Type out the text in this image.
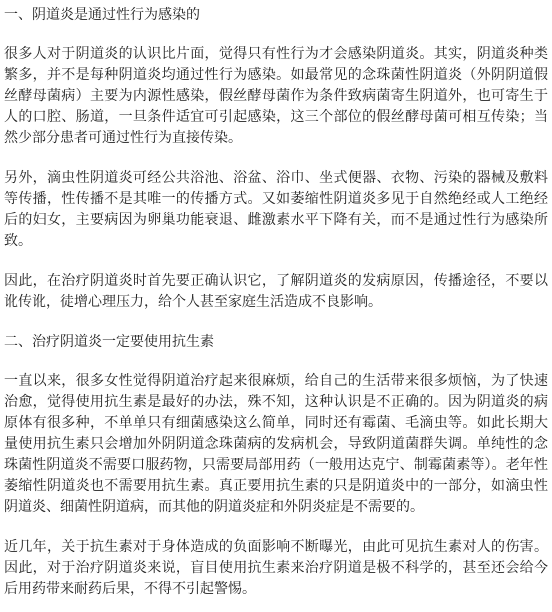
一、阴道炎是通过性行为感染的

很多人对于阴道炎的认识比片面，觉得只有性行为才会感染阴道炎。其实，阴道炎种类繁多，并不是每种阴道炎均通过性行为感染。如最常见的念珠菌性阴道炎（外阴阴道假丝酵母菌病）主要为内源性感染，假丝酵母菌作为条件致病菌寄生阴道外，也可寄生于人的口腔、肠道，一旦条件适宜可引起感染，这三个部位的假丝酵母菌可相互传染；当然少部分患者可通过性行为直接传染。

另外，滴虫性阴道炎可经公共浴池、浴盆、浴巾、坐式便器、衣物、污染的器械及敷料等传播，性传播不是其唯一的传播方式。又如萎缩性阴道炎多见于自然绝经或人工绝经后的妇女，主要病因为卵巢功能衰退、雌激素水平下降有关，而不是通过性行为感染所致。

因此，在治疗阴道炎时首先要正确认识它，了解阴道炎的发病原因，传播途径，不要以讹传讹，徒增心理压力，给个人甚至家庭生活造成不良影响。

二、治疗阴道炎一定要使用抗生素

一直以来，很多女性觉得阴道治疗起来很麻烦，给自己的生活带来很多烦恼，为了快速治愈，觉得使用抗生素是最好的办法，殊不知，这种认识是不正确的。因为阴道炎的病原体有很多种，不单单只有细菌感染这么简单，同时还有霉菌、毛滴虫等。如此长期大量使用抗生素只会增加外阴阴道念珠菌病的发病机会，导致阴道菌群失调。单纯性的念珠菌性阴道炎不需要口服药物，只需要局部用药（一般用达克宁、制霉菌素等）。老年性萎缩性阴道炎也不需要用抗生素。真正要用抗生素的只是阴道炎中的一部分，如滴虫性阴道炎、细菌性阴道病，而其他的阴道炎症和外阴炎症是不需要的。

近几年，关于抗生素对于身体造成的负面影响不断曝光，由此可见抗生素对人的伤害。因此，对于治疗阴道炎来说，盲目使用抗生素来治疗阴道是极不科学的，甚至还会给今后用药带来耐药后果，不得不引起警惕。
